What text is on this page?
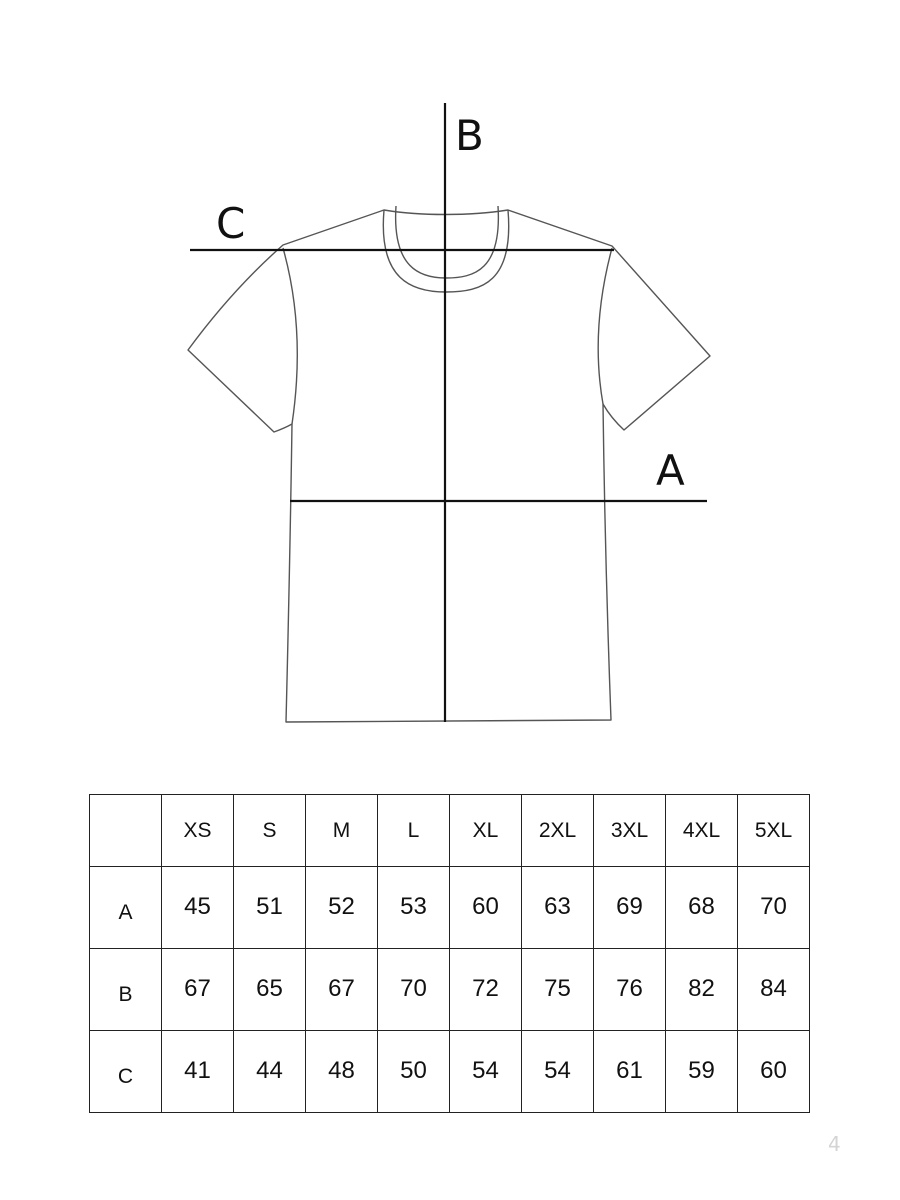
B
C
A
	XS	S	M	L	XL	2XL	3XL	4XL	5XL
A	45	51	52	53	60	63	69	68	70
B	67	65	67	70	72	75	76	82	84
C	41	44	48	50	54	54	61	59	60
4
